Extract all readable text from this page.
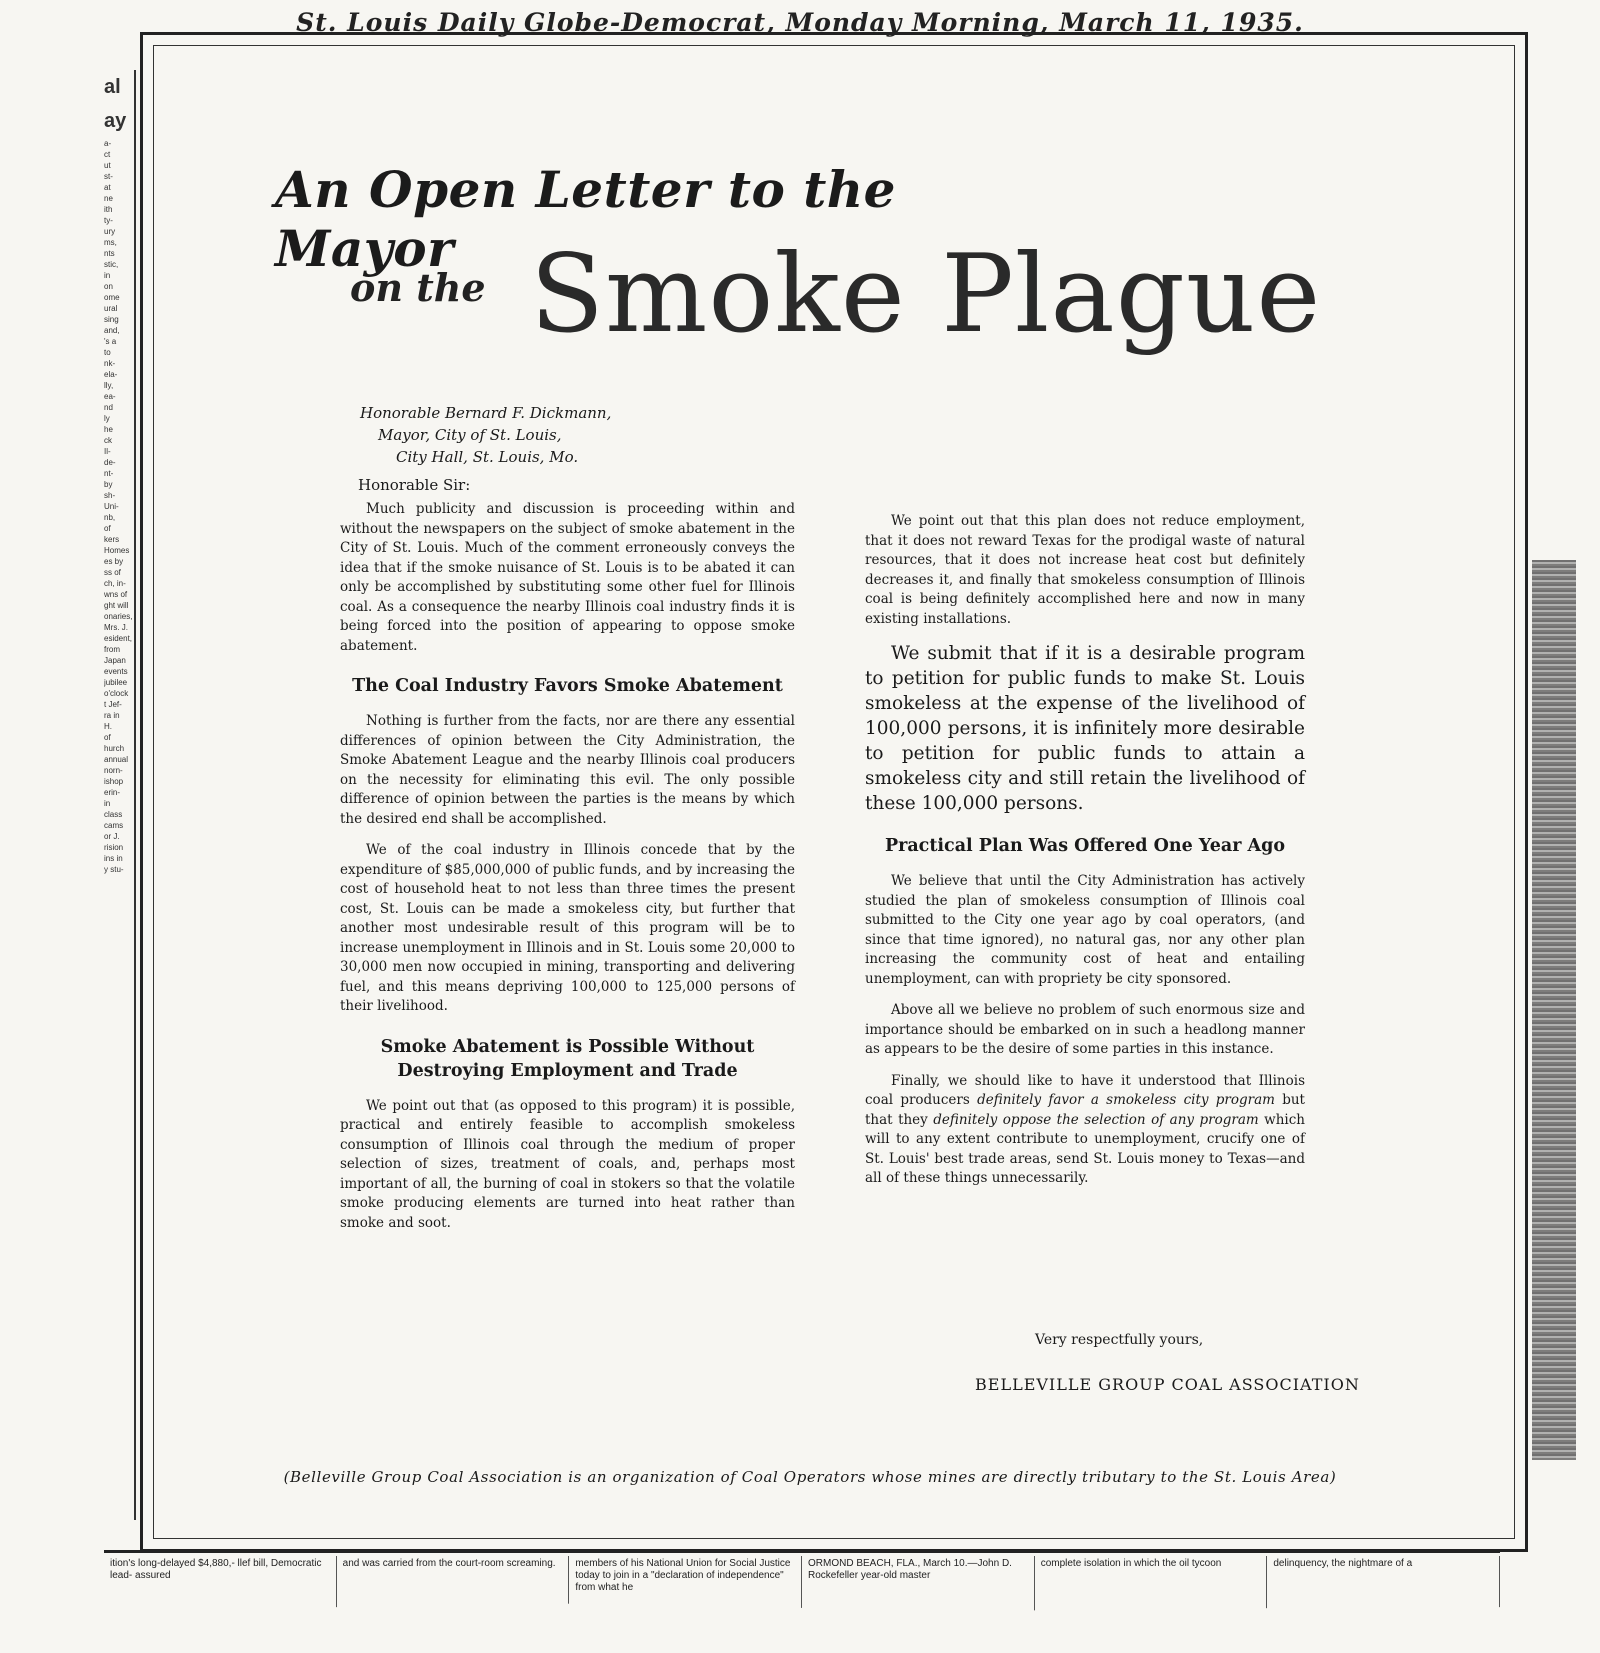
St. Louis Daily Globe-Democrat, Monday Morning, March 11, 1935.
al
ay
a-
ct
ut
st-
at
ne
ith
ty-
ury
ms,
nts
stic,
in
on
ome
ural
sing
and,
's a
to
nk-
ela-
lly,
ea-
nd
ly
he
ck
Il-
de-
nt-
by
sh-
Uni-
nb,
of
kers
Homes
es by
ss of
ch, in-
wns of
ght will
onaries,
Mrs. J.
esident,
from
Japan
events
jubilee
o'clock
t Jef-
ra in
H.
of
hurch
annual
norn-
ishop
erin-
in
class
cams
or J.
rision
ins in
y stu-
An Open Letter to the Mayor
on the Smoke Plague
Honorable Bernard F. Dickmann,
Mayor, City of St. Louis,
City Hall, St. Louis, Mo.
Honorable Sir:

Much publicity and discussion is proceeding within and without the newspapers on the subject of smoke abatement in the City of St. Louis. Much of the comment erroneously conveys the idea that if the smoke nuisance of St. Louis is to be abated it can only be accomplished by substituting some other fuel for Illinois coal. As a consequence the nearby Illinois coal industry finds it is being forced into the position of appearing to oppose smoke abatement.

The Coal Industry Favors Smoke Abatement

Nothing is further from the facts, nor are there any essential differences of opinion between the City Administration, the Smoke Abatement League and the nearby Illinois coal producers on the necessity for eliminating this evil. The only possible difference of opinion between the parties is the means by which the desired end shall be accomplished.

We of the coal industry in Illinois concede that by the expenditure of $85,000,000 of public funds, and by increasing the cost of household heat to not less than three times the present cost, St. Louis can be made a smokeless city, but further that another most undesirable result of this program will be to increase unemployment in Illinois and in St. Louis some 20,000 to 30,000 men now occupied in mining, transporting and delivering fuel, and this means depriving 100,000 to 125,000 persons of their livelihood.

Smoke Abatement is Possible Without Destroying Employment and Trade

We point out that (as opposed to this program) it is possible, practical and entirely feasible to accomplish smokeless consumption of Illinois coal through the medium of proper selection of sizes, treatment of coals, and, perhaps most important of all, the burning of coal in stokers so that the volatile smoke producing elements are turned into heat rather than smoke and soot.

We point out that this plan does not reduce employment, that it does not reward Texas for the prodigal waste of natural resources, that it does not increase heat cost but definitely decreases it, and finally that smokeless consumption of Illinois coal is being definitely accomplished here and now in many existing installations.

We submit that if it is a desirable program to petition for public funds to make St. Louis smokeless at the expense of the livelihood of 100,000 persons, it is infinitely more desirable to petition for public funds to attain a smokeless city and still retain the livelihood of these 100,000 persons.

Practical Plan Was Offered One Year Ago

We believe that until the City Administration has actively studied the plan of smokeless consumption of Illinois coal submitted to the City one year ago by coal operators, (and since that time ignored), no natural gas, nor any other plan increasing the community cost of heat and entailing unemployment, can with propriety be city sponsored.

Above all we believe no problem of such enormous size and importance should be embarked on in such a headlong manner as appears to be the desire of some parties in this instance.

Finally, we should like to have it understood that Illinois coal producers definitely favor a smokeless city program but that they definitely oppose the selection of any program which will to any extent contribute to unemployment, crucify one of St. Louis' best trade areas, send St. Louis money to Texas—and all of these things unnecessarily.

Very respectfully yours,
BELLEVILLE GROUP COAL ASSOCIATION
(Belleville Group Coal Association is an organization of Coal Operators whose mines are directly tributary to the St. Louis Area)
ition's long-delayed $4,880,- llef bill, Democratic lead- assured
and was carried from the court-room screaming.	members of his National Union for Social Justice today to join in a "declaration of independence" from what he
ORMOND BEACH, FLA., March 10.—John D. Rockefeller year-old master
complete isolation in which the oil tycoon	delinquency, the nightmare of a
